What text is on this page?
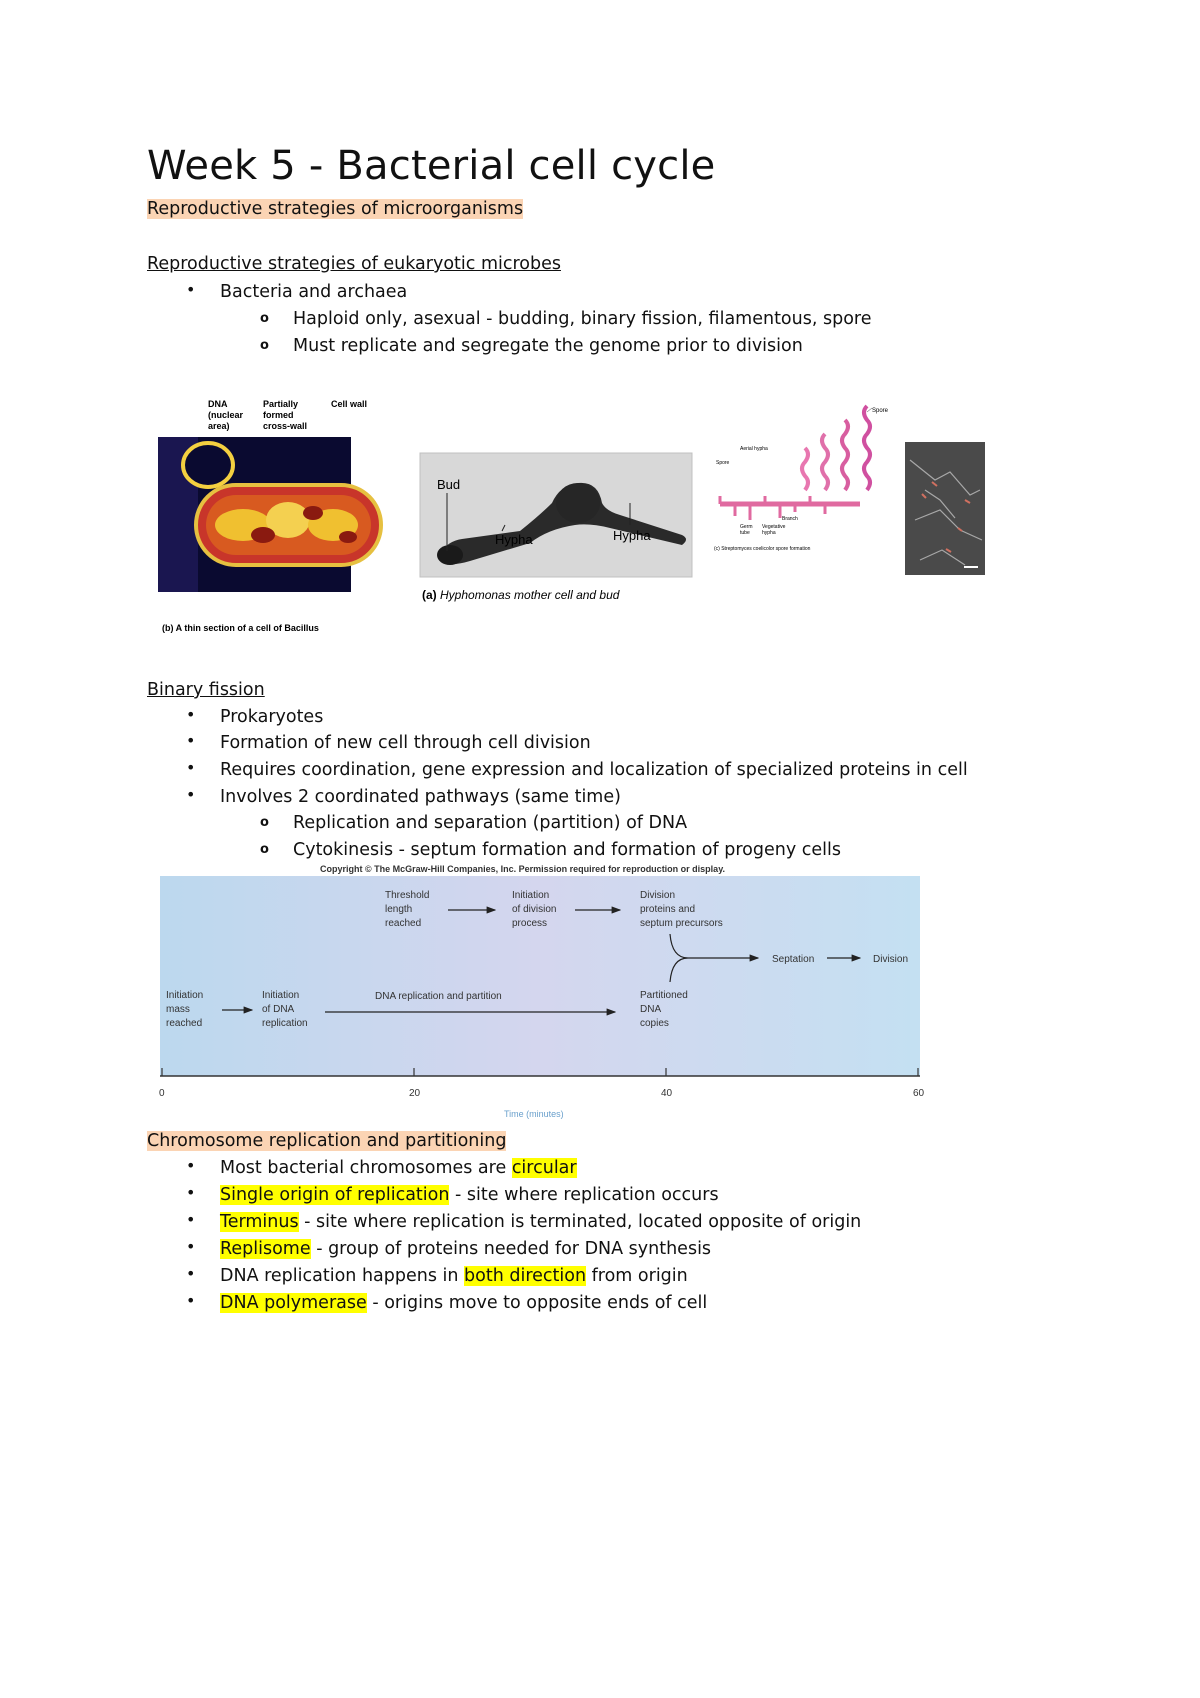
Week 5 - Bacterial cell cycle
Reproductive strategies of microorganisms
Reproductive strategies of eukaryotic microbes
• Bacteria and archaea
o Haploid only, asexual - budding, binary fission, filamentous, spore
o Must replicate and segregate the genome prior to division
DNA
(nuclear
area)
Partially
formed
cross-wall
Cell wall
(b) A thin section of a cell of Bacillus
Bud
Hypha	Hypha
(a) Hyphomonas mother cell and bud
Spore
Aerial hypha
Spore
Germ
tube
Branch
Vegetative
hypha
(c) Streptomyces coelicolor spore formation
Binary fission
• Prokaryotes
• Formation of new cell through cell division
• Requires coordination, gene expression and localization of specialized proteins in cell
• Involves 2 coordinated pathways (same time)
o Replication and separation (partition) of DNA
o Cytokinesis - septum formation and formation of progeny cells
Copyright © The McGraw-Hill Companies, Inc. Permission required for reproduction or display.
Threshold
length
reached
Initiation
of division
process
Division
proteins and
septum precursors
Septation	Division
Initiation
mass
reached
Initiation
of DNA
replication
DNA replication and partition	Partitioned
DNA
copies
0	20	40	60
Time (minutes)
Chromosome replication and partitioning
• Most bacterial chromosomes are circular
• Single origin of replication - site where replication occurs
• Terminus - site where replication is terminated, located opposite of origin
• Replisome - group of proteins needed for DNA synthesis
• DNA replication happens in both direction from origin
• DNA polymerase - origins move to opposite ends of cell
